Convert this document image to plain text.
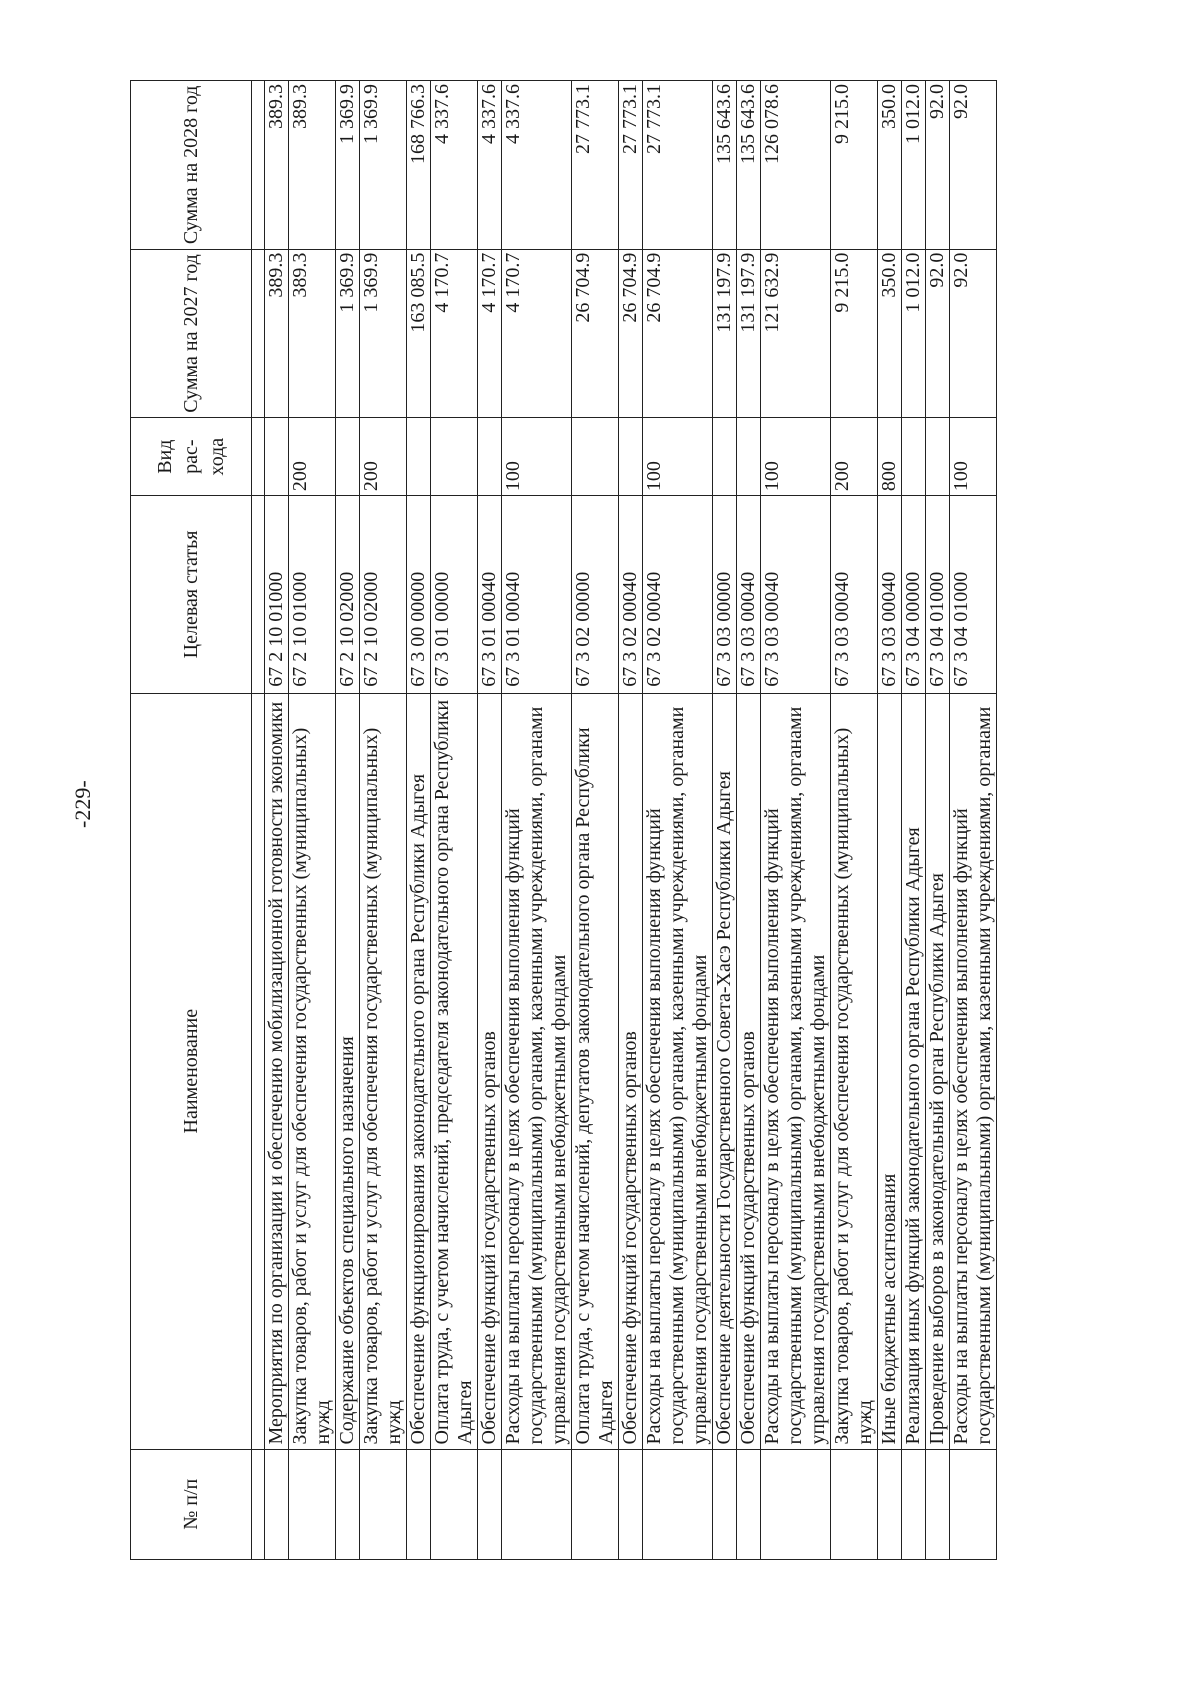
-229-
№ п/п	Наименование	Целевая статья	Вид рас-хода	Сумма на 2027 год	Сумма на 2028 год

	Мероприятия по организации и обеспечению мобилизационной готовности экономики	67 2 10 01000		389.3	389.3
	Закупка товаров, работ и услуг для обеспечения государственных (муниципальных) нужд	67 2 10 01000	200	389.3	389.3
	Содержание объектов специального назначения	67 2 10 02000		1 369.9	1 369.9
	Закупка товаров, работ и услуг для обеспечения государственных (муниципальных) нужд	67 2 10 02000	200	1 369.9	1 369.9
	Обеспечение функционирования законодательного органа Республики Адыгея	67 3 00 00000		163 085.5	168 766.3
	Оплата труда, с учетом начислений, председателя законодательного органа Республики Адыгея	67 3 01 00000		4 170.7	4 337.6
	Обеспечение функций государственных органов	67 3 01 00040		4 170.7	4 337.6
	Расходы на выплаты персоналу в целях обеспечения выполнения функций государственными (муниципальными) органами, казенными учреждениями, органами управления государственными внебюджетными фондами	67 3 01 00040	100	4 170.7	4 337.6
	Оплата труда, с учетом начислений, депутатов законодательного органа Республики Адыгея	67 3 02 00000		26 704.9	27 773.1
	Обеспечение функций государственных органов	67 3 02 00040		26 704.9	27 773.1
	Расходы на выплаты персоналу в целях обеспечения выполнения функций государственными (муниципальными) органами, казенными учреждениями, органами управления государственными внебюджетными фондами	67 3 02 00040	100	26 704.9	27 773.1
	Обеспечение деятельности Государственного Совета-Хасэ Республики Адыгея	67 3 03 00000		131 197.9	135 643.6
	Обеспечение функций государственных органов	67 3 03 00040		131 197.9	135 643.6
	Расходы на выплаты персоналу в целях обеспечения выполнения функций государственными (муниципальными) органами, казенными учреждениями, органами управления государственными внебюджетными фондами	67 3 03 00040	100	121 632.9	126 078.6
	Закупка товаров, работ и услуг для обеспечения государственных (муниципальных) нужд	67 3 03 00040	200	9 215.0	9 215.0
	Иные бюджетные ассигнования	67 3 03 00040	800	350.0	350.0
	Реализация иных функций законодательного органа Республики Адыгея	67 3 04 00000		1 012.0	1 012.0
	Проведение выборов в законодательный орган Республики Адыгея	67 3 04 01000		92.0	92.0
	Расходы на выплаты персоналу в целях обеспечения выполнения функций государственными (муниципальными) органами, казенными учреждениями, органами	67 3 04 01000	100	92.0	92.0
